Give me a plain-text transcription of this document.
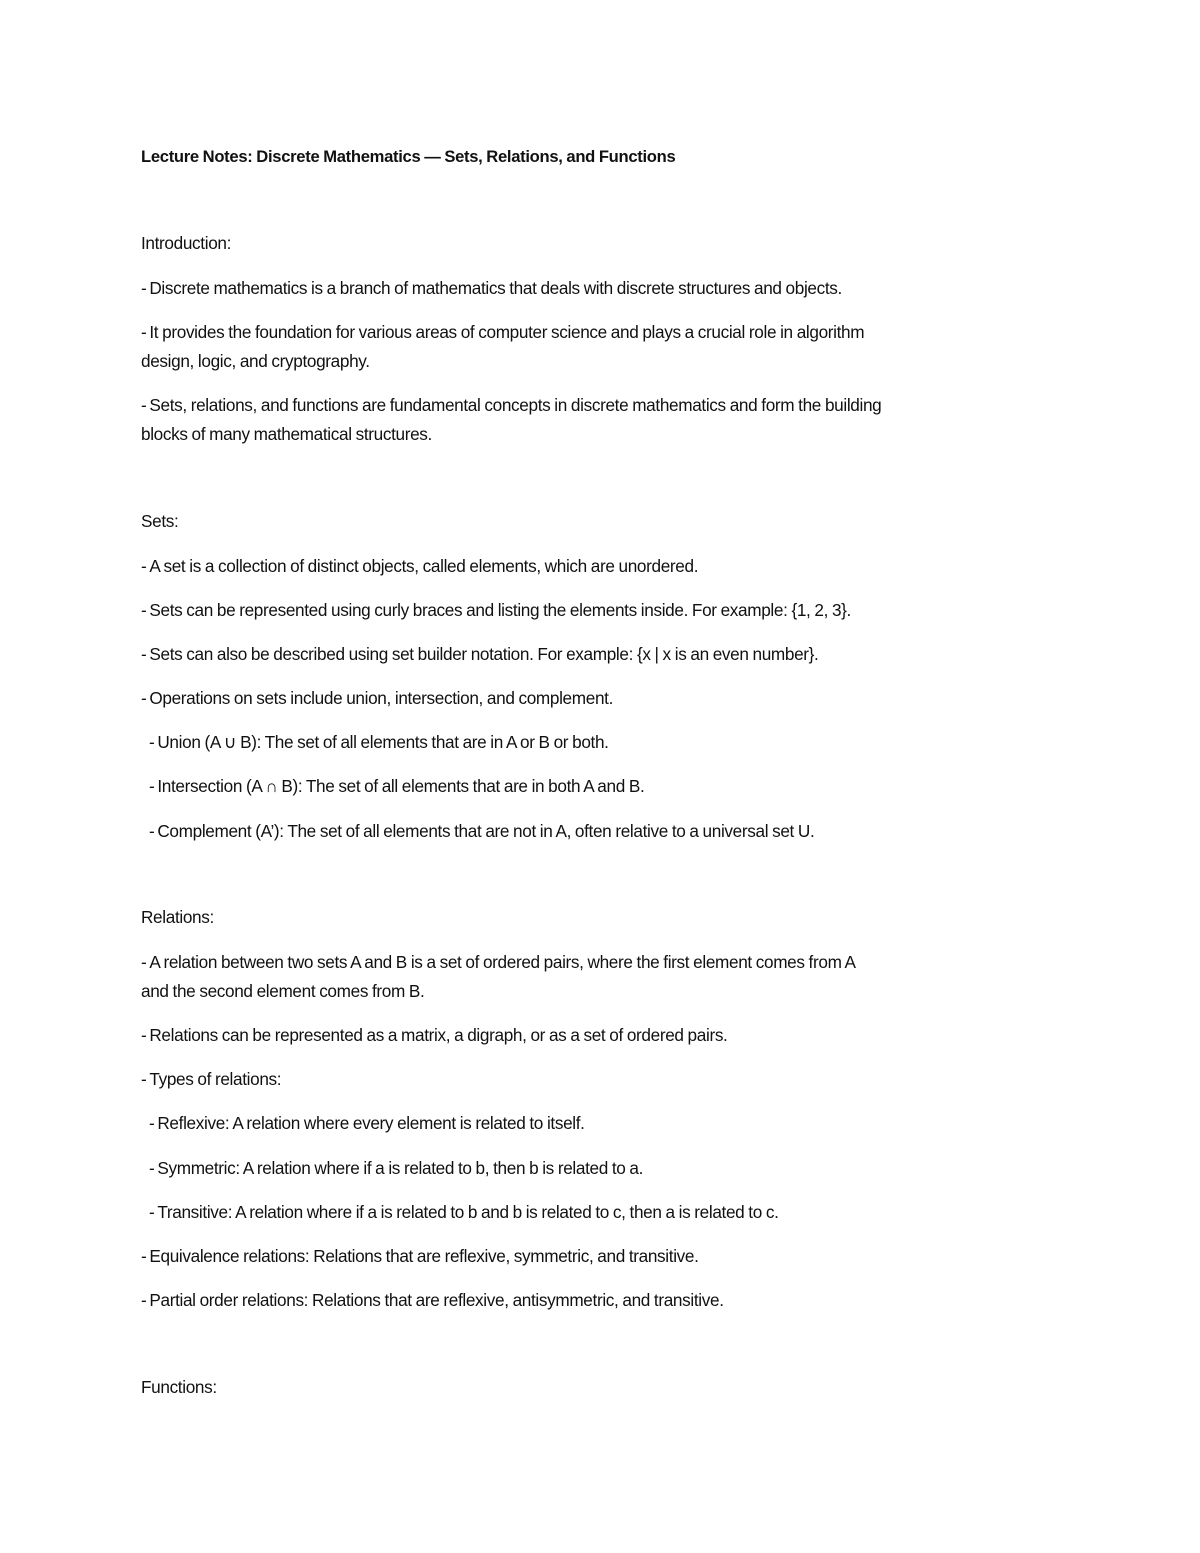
Lecture Notes: Discrete Mathematics — Sets, Relations, and Functions
Introduction:
- Discrete mathematics is a branch of mathematics that deals with discrete structures and objects.
- It provides the foundation for various areas of computer science and plays a crucial role in algorithm
design, logic, and cryptography.
- Sets, relations, and functions are fundamental concepts in discrete mathematics and form the building
blocks of many mathematical structures.
Sets:
- A set is a collection of distinct objects, called elements, which are unordered.
- Sets can be represented using curly braces and listing the elements inside. For example: {1, 2, 3}.
- Sets can also be described using set builder notation. For example: {x | x is an even number}.
- Operations on sets include union, intersection, and complement.
- Union (A ∪ B): The set of all elements that are in A or B or both.
- Intersection (A ∩ B): The set of all elements that are in both A and B.
- Complement (A’): The set of all elements that are not in A, often relative to a universal set U.
Relations:
- A relation between two sets A and B is a set of ordered pairs, where the first element comes from A
and the second element comes from B.
- Relations can be represented as a matrix, a digraph, or as a set of ordered pairs.
- Types of relations:
- Reflexive: A relation where every element is related to itself.
- Symmetric: A relation where if a is related to b, then b is related to a.
- Transitive: A relation where if a is related to b and b is related to c, then a is related to c.
- Equivalence relations: Relations that are reflexive, symmetric, and transitive.
- Partial order relations: Relations that are reflexive, antisymmetric, and transitive.
Functions:
